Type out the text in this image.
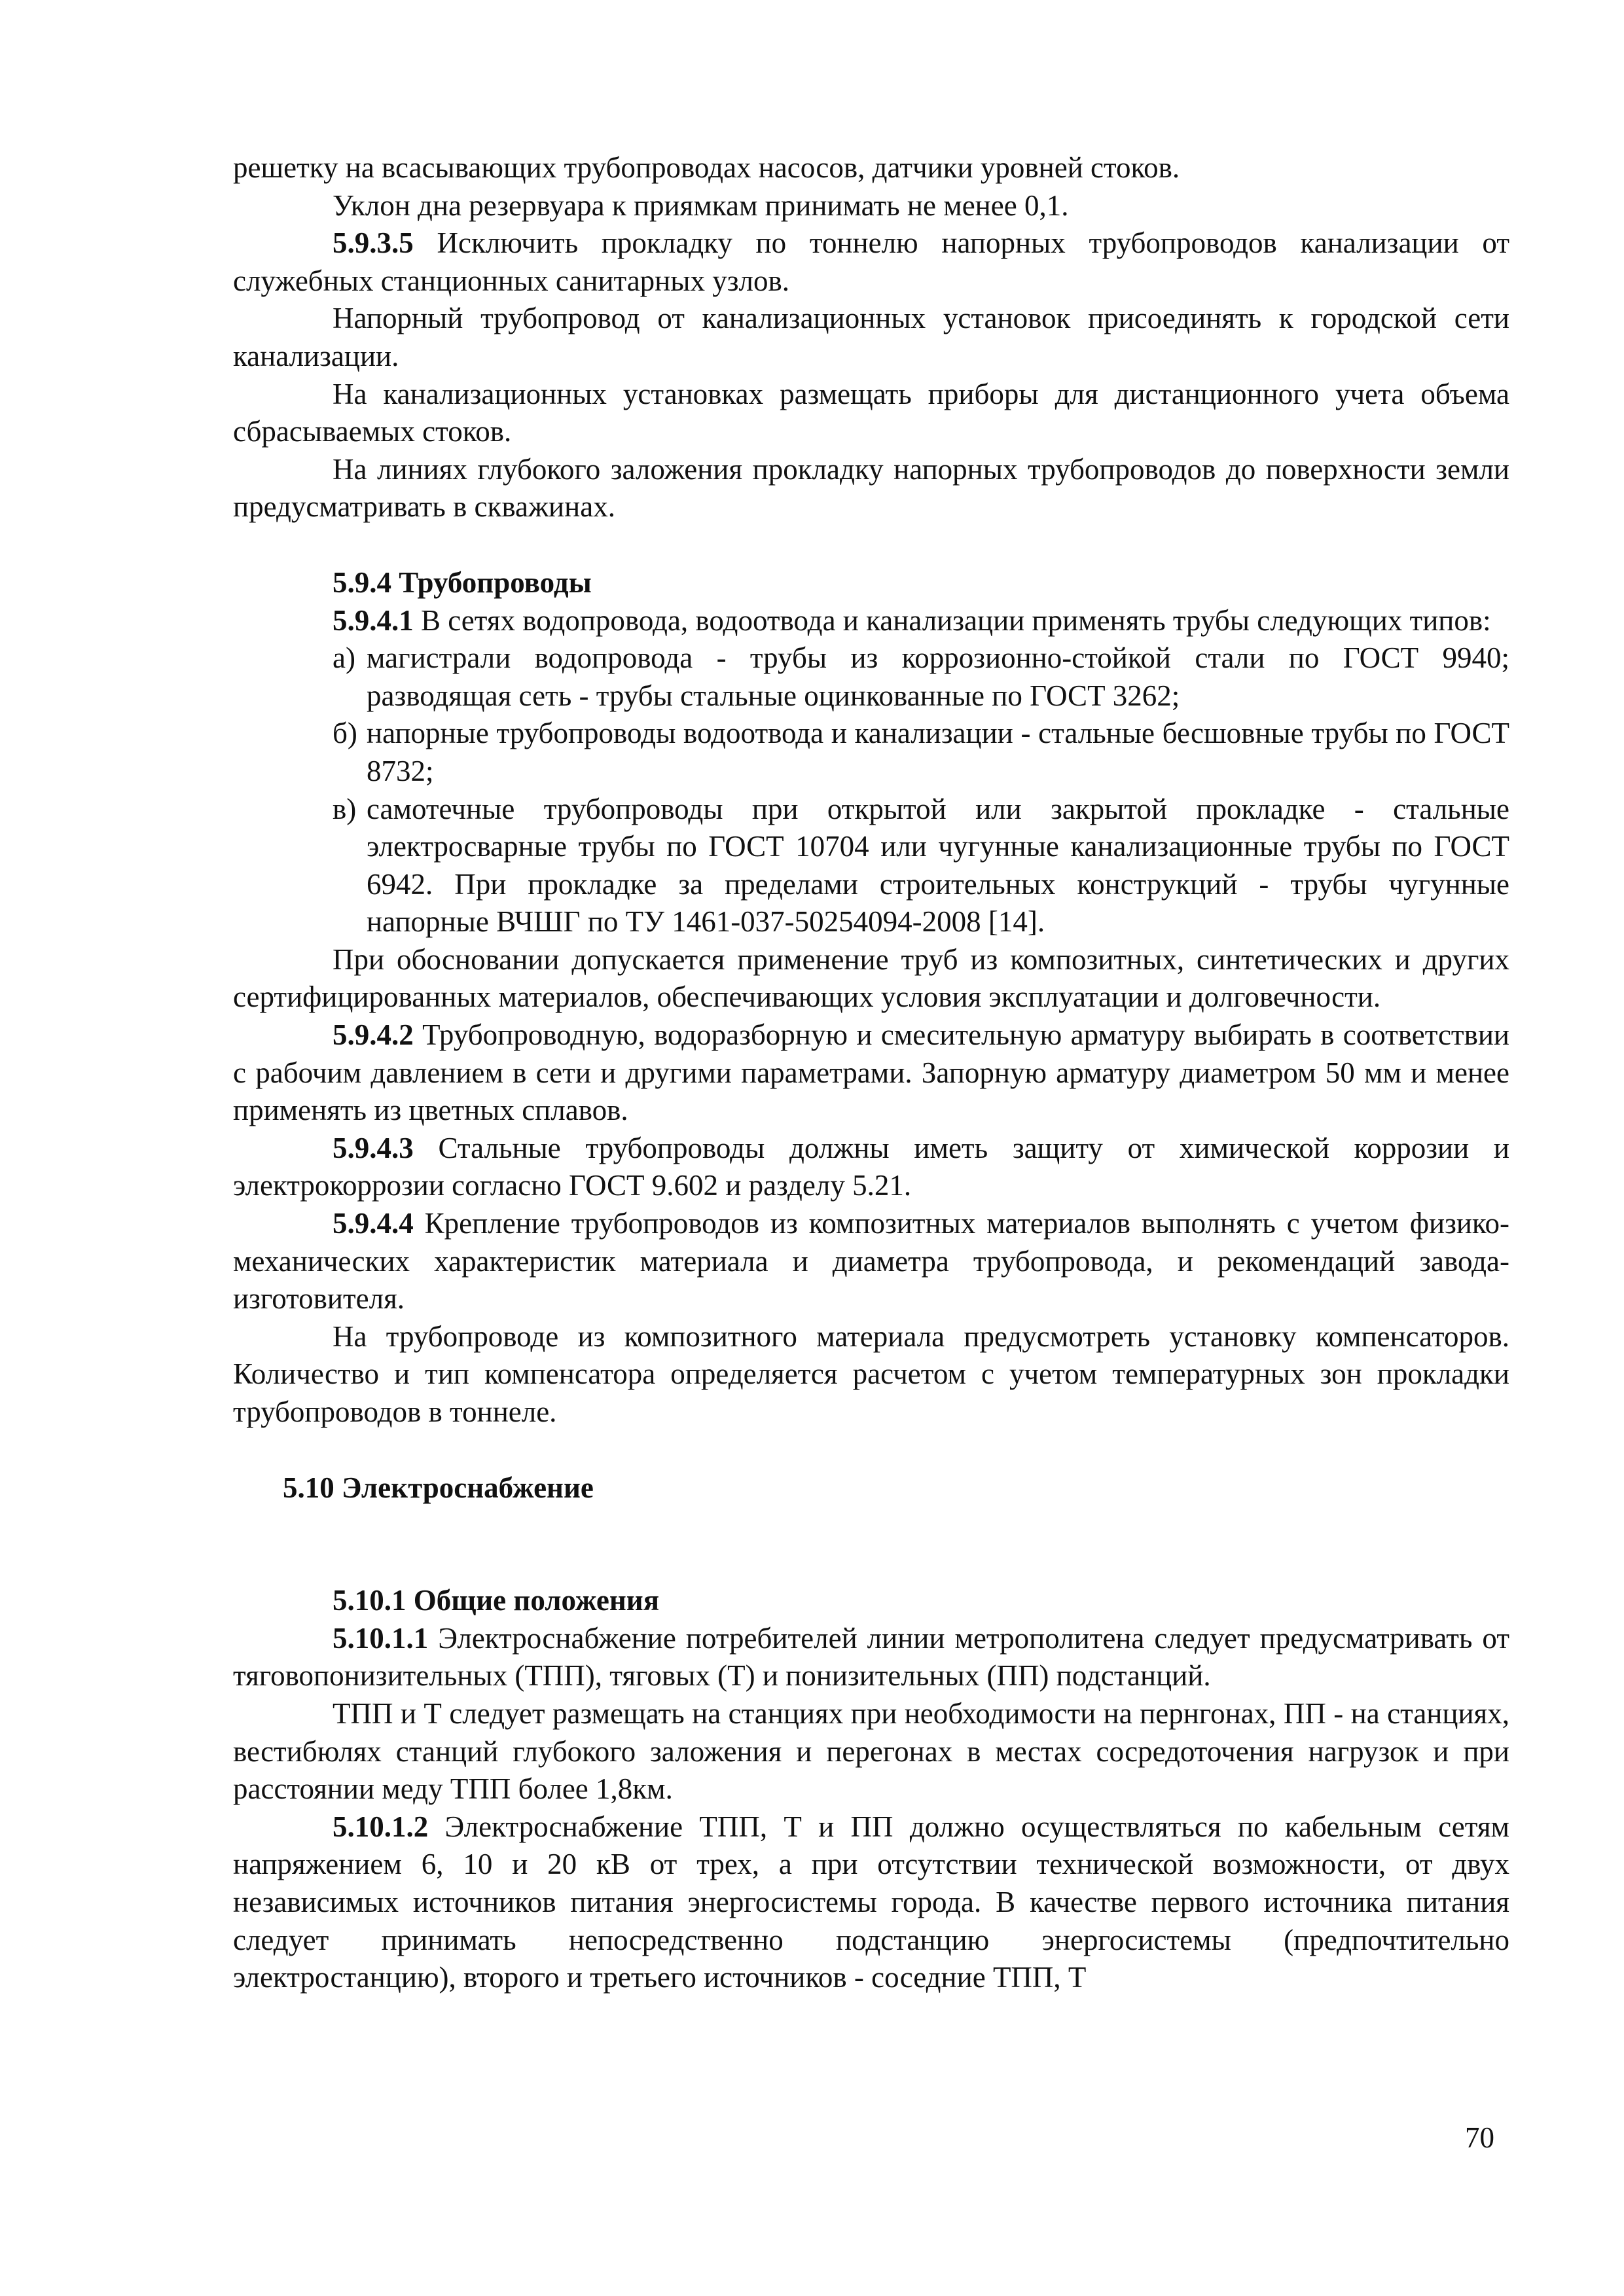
решетку на всасывающих трубопроводах насосов, датчики уровней стоков.

Уклон дна резервуара к приямкам принимать не менее 0,1.

5.9.3.5 Исключить прокладку по тоннелю напорных трубопроводов канализации от служебных станционных санитарных узлов.

Напорный трубопровод от канализационных установок присоединять к городской сети канализации.

На канализационных установках размещать приборы для дистанционного учета объема сбрасываемых стоков.

На линиях глубокого заложения прокладку напорных трубопроводов до поверхности земли предусматривать в скважинах.

5.9.4 Трубопроводы

5.9.4.1 В сетях водопровода, водоотвода и канализации применять трубы следующих типов:

а) магистрали водопровода - трубы из коррозионно-стойкой стали по ГОСТ 9940; разводящая сеть - трубы стальные оцинкованные по ГОСТ 3262;

б) напорные трубопроводы водоотвода и канализации - стальные бесшовные трубы по ГОСТ 8732;

в) самотечные трубопроводы при открытой или закрытой прокладке - стальные электросварные трубы по ГОСТ 10704 или чугунные канализационные трубы по ГОСТ 6942. При прокладке за пределами строительных конструкций - трубы чугунные напорные ВЧШГ по ТУ 1461-037-50254094-2008 [14].

При обосновании допускается применение труб из композитных, синтетических и других сертифицированных материалов, обеспечивающих условия эксплуатации и долговечности.

5.9.4.2 Трубопроводную, водоразборную и смесительную арматуру выбирать в соответствии с рабочим давлением в сети и другими параметрами. Запорную арматуру диаметром 50 мм и менее применять из цветных сплавов.

5.9.4.3 Стальные трубопроводы должны иметь защиту от химической коррозии и электрокоррозии согласно ГОСТ 9.602 и разделу 5.21.

5.9.4.4 Крепление трубопроводов из композитных материалов выполнять с учетом физико-механических характеристик материала и диаметра трубопровода, и рекомендаций завода-изготовителя.

На трубопроводе из композитного материала предусмотреть установку компенсаторов. Количество и тип компенсатора определяется расчетом с учетом температурных зон прокладки трубопроводов в тоннеле.

5.10 Электроснабжение
5.10.1 Общие положения

5.10.1.1 Электроснабжение потребителей линии метрополитена следует предусматривать от тяговопонизительных (ТПП), тяговых (Т) и понизительных (ПП) подстанций.

ТПП и Т следует размещать на станциях при необходимости на пернгонах, ПП - на станциях, вестибюлях станций глубокого заложения и перегонах в местах сосредоточения нагрузок и при расстоянии меду ТПП более 1,8км.

5.10.1.2 Электроснабжение ТПП, Т и ПП должно осуществляться по кабельным сетям напряжением 6, 10 и 20 кВ от трех, а при отсутствии технической возможности, от двух независимых источников питания энергосистемы города. В качестве первого источника питания следует принимать непосредственно подстанцию энергосистемы (предпочтительно электростанцию), второго и третьего источников - соседние ТПП, Т

70
